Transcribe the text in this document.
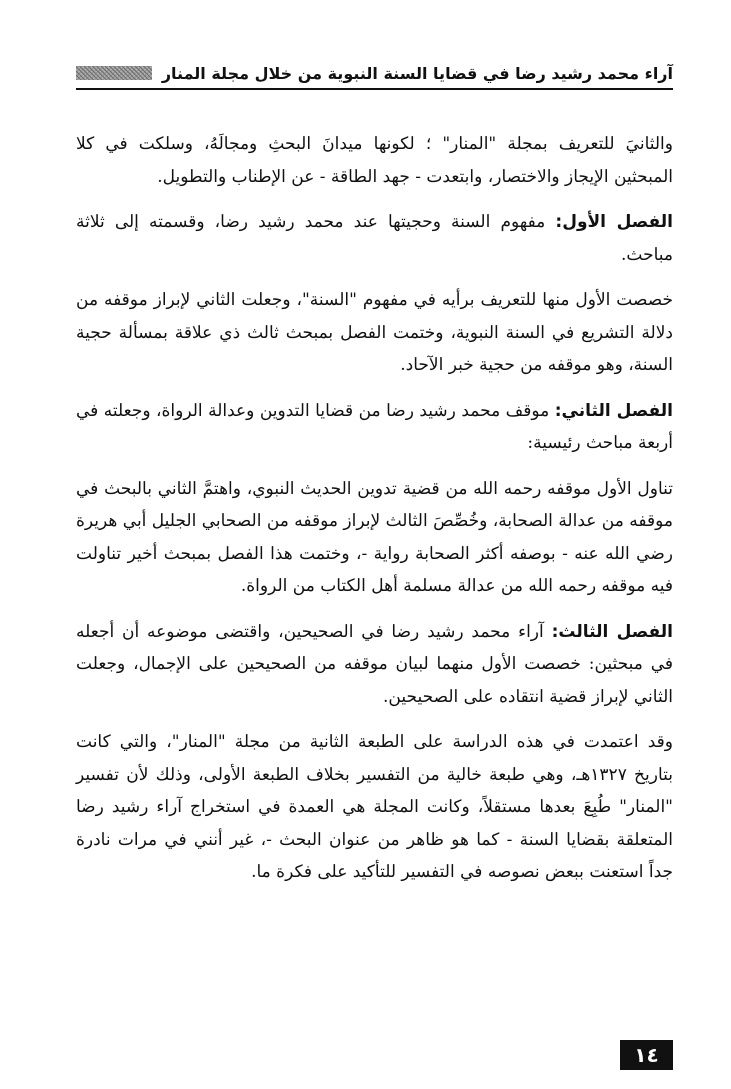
آراء محمد رشيد رضا في قضايا السنة النبوية من خلال مجلة المنار

والثانيَ للتعريف بمجلة "المنار" ؛ لكونها ميدانَ البحثِ ومجالَهُ، وسلكت في كلا المبحثين الإيجاز والاختصار، وابتعدت - جهد الطاقة - عن الإطناب والتطويل.

الفصل الأول: مفهوم السنة وحجيتها عند محمد رشيد رضا، وقسمته إلى ثلاثة مباحث.

خصصت الأول منها للتعريف برأيه في مفهوم "السنة"، وجعلت الثاني لإبراز موقفه من دلالة التشريع في السنة النبوية، وختمت الفصل بمبحث ثالث ذي علاقة بمسألة حجية السنة، وهو موقفه من حجية خبر الآحاد.

الفصل الثاني: موقف محمد رشيد رضا من قضايا التدوين وعدالة الرواة، وجعلته في أربعة مباحث رئيسية:

تناول الأول موقفه رحمه الله من قضية تدوين الحديث النبوي، واهتمَّ الثاني بالبحث في موقفه من عدالة الصحابة، وخُصِّصَ الثالث لإبراز موقفه من الصحابي الجليل أبي هريرة رضي الله عنه - بوصفه أكثر الصحابة رواية -، وختمت هذا الفصل بمبحث أخير تناولت فيه موقفه رحمه الله من عدالة مسلمة أهل الكتاب من الرواة.

الفصل الثالث: آراء محمد رشيد رضا في الصحيحين، واقتضى موضوعه أن أجعله في مبحثين: خصصت الأول منهما لبيان موقفه من الصحيحين على الإجمال، وجعلت الثاني لإبراز قضية انتقاده على الصحيحين.

وقد اعتمدت في هذه الدراسة على الطبعة الثانية من مجلة "المنار"، والتي كانت بتاريخ ١٣٢٧هـ، وهي طبعة خالية من التفسير بخلاف الطبعة الأولى، وذلك لأن تفسير "المنار" طُبِعَ بعدها مستقلاً، وكانت المجلة هي العمدة في استخراج آراء رشيد رضا المتعلقة بقضايا السنة - كما هو ظاهر من عنوان البحث -، غير أنني في مرات نادرة جداً استعنت ببعض نصوصه في التفسير للتأكيد على فكرة ما.

١٤
